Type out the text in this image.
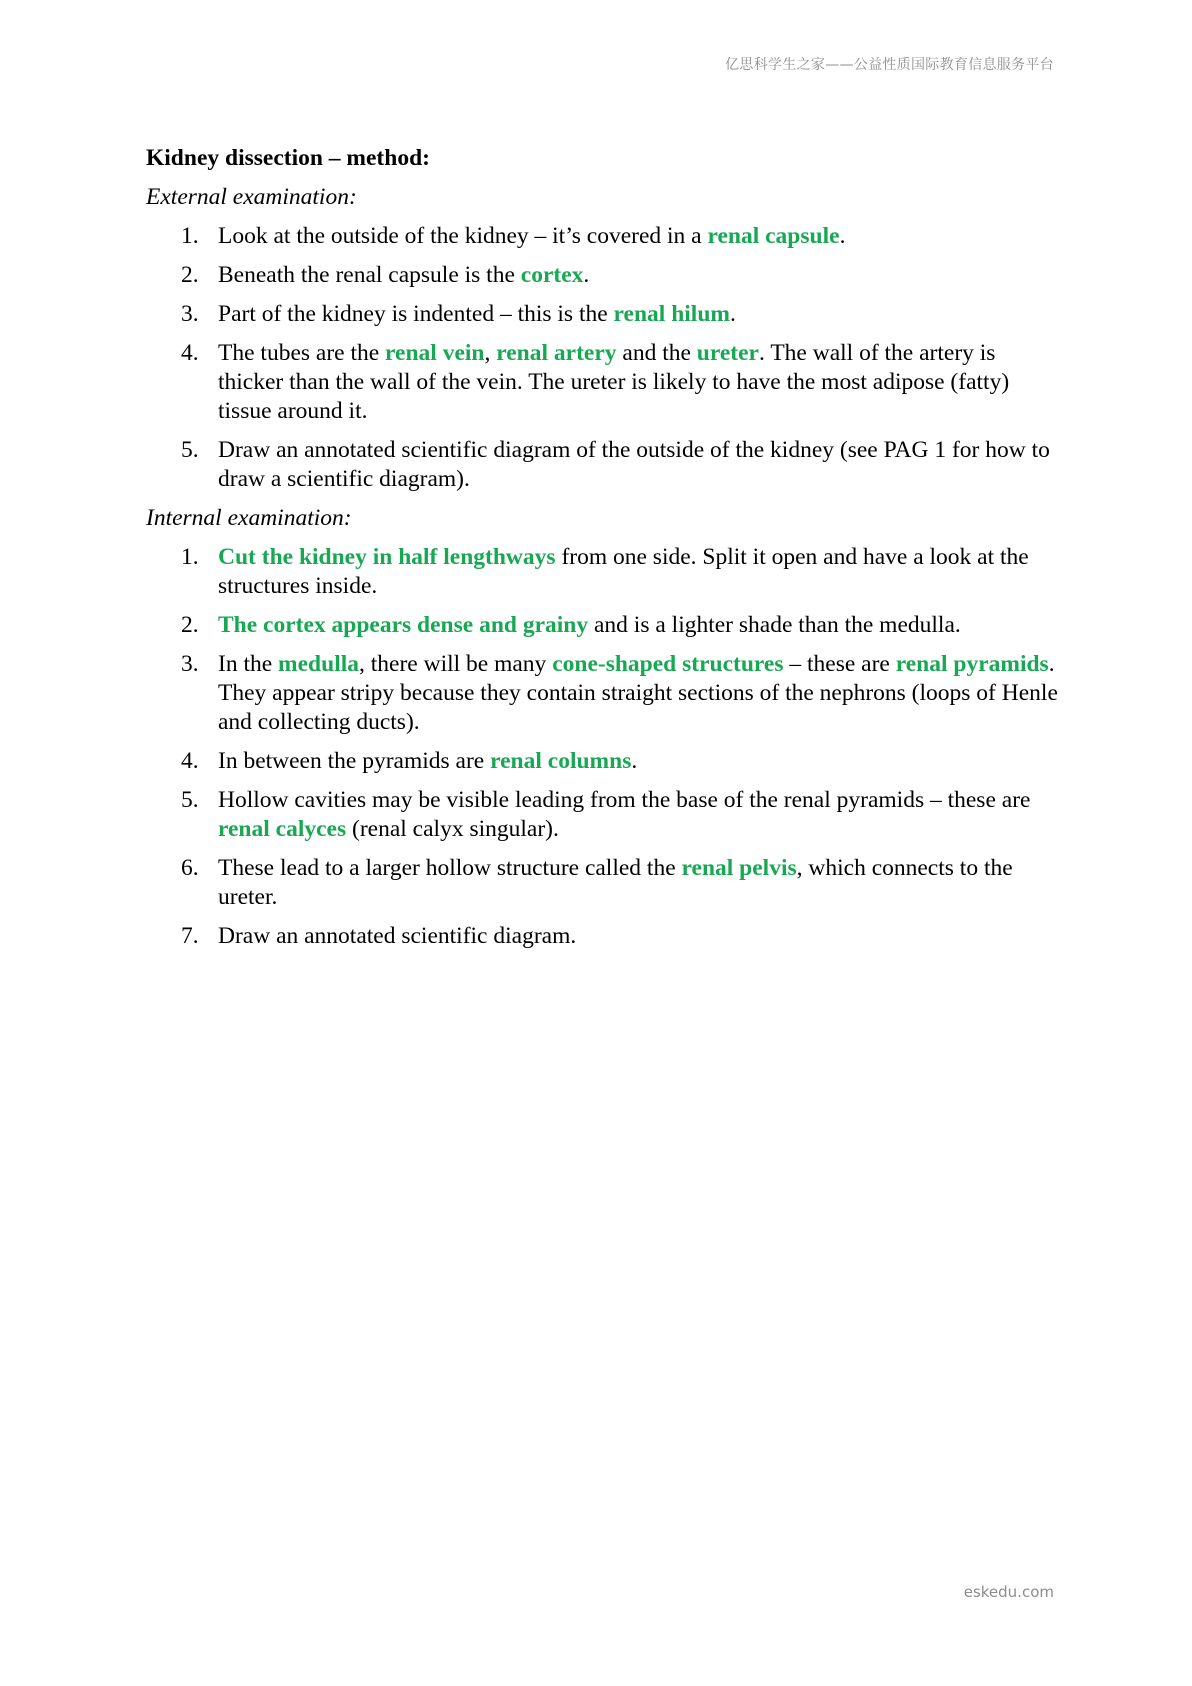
亿思科学生之家——公益性质国际教育信息服务平台
Kidney dissection – method:
External examination:
1. Look at the outside of the kidney – it’s covered in a renal capsule.
2. Beneath the renal capsule is the cortex.
3. Part of the kidney is indented – this is the renal hilum.
4. The tubes are the renal vein, renal artery and the ureter. The wall of the artery is thicker than the wall of the vein. The ureter is likely to have the most adipose (fatty) tissue around it.
5. Draw an annotated scientific diagram of the outside of the kidney (see PAG 1 for how to draw a scientific diagram).
Internal examination:
1. Cut the kidney in half lengthways from one side. Split it open and have a look at the structures inside.
2. The cortex appears dense and grainy and is a lighter shade than the medulla.
3. In the medulla, there will be many cone-shaped structures – these are renal pyramids. They appear stripy because they contain straight sections of the nephrons (loops of Henle and collecting ducts).
4. In between the pyramids are renal columns.
5. Hollow cavities may be visible leading from the base of the renal pyramids – these are renal calyces (renal calyx singular).
6. These lead to a larger hollow structure called the renal pelvis, which connects to the ureter.
7. Draw an annotated scientific diagram.
eskedu.com
